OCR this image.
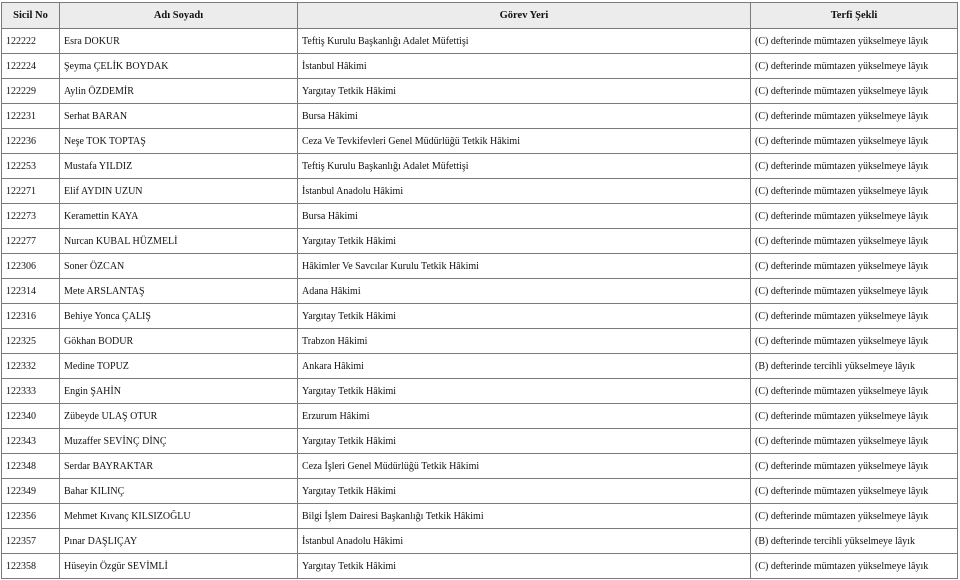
Sicil No	Adı Soyadı	Görev Yeri	Terfi Şekli
122222	Esra DOKUR	Teftiş Kurulu Başkanlığı Adalet Müfettişi	(C) defterinde mümtazen yükselmeye lâyık
122224	Şeyma ÇELİK BOYDAK	İstanbul Hâkimi	(C) defterinde mümtazen yükselmeye lâyık
122229	Aylin ÖZDEMİR	Yargıtay Tetkik Hâkimi	(C) defterinde mümtazen yükselmeye lâyık
122231	Serhat BARAN	Bursa Hâkimi	(C) defterinde mümtazen yükselmeye lâyık
122236	Neşe TOK TOPTAŞ	Ceza Ve Tevkifevleri Genel Müdürlüğü Tetkik Hâkimi	(C) defterinde mümtazen yükselmeye lâyık
122253	Mustafa YILDIZ	Teftiş Kurulu Başkanlığı Adalet Müfettişi	(C) defterinde mümtazen yükselmeye lâyık
122271	Elif AYDIN UZUN	İstanbul Anadolu Hâkimi	(C) defterinde mümtazen yükselmeye lâyık
122273	Keramettin KAYA	Bursa Hâkimi	(C) defterinde mümtazen yükselmeye lâyık
122277	Nurcan KUBAL HÜZMELİ	Yargıtay Tetkik Hâkimi	(C) defterinde mümtazen yükselmeye lâyık
122306	Soner ÖZCAN	Hâkimler Ve Savcılar Kurulu Tetkik Hâkimi	(C) defterinde mümtazen yükselmeye lâyık
122314	Mete ARSLANTAŞ	Adana Hâkimi	(C) defterinde mümtazen yükselmeye lâyık
122316	Behiye Yonca ÇALIŞ	Yargıtay Tetkik Hâkimi	(C) defterinde mümtazen yükselmeye lâyık
122325	Gökhan BODUR	Trabzon Hâkimi	(C) defterinde mümtazen yükselmeye lâyık
122332	Medine TOPUZ	Ankara Hâkimi	(B) defterinde tercihli yükselmeye lâyık
122333	Engin ŞAHİN	Yargıtay Tetkik Hâkimi	(C) defterinde mümtazen yükselmeye lâyık
122340	Zübeyde ULAŞ OTUR	Erzurum Hâkimi	(C) defterinde mümtazen yükselmeye lâyık
122343	Muzaffer SEVİNÇ DİNÇ	Yargıtay Tetkik Hâkimi	(C) defterinde mümtazen yükselmeye lâyık
122348	Serdar BAYRAKTAR	Ceza İşleri Genel Müdürlüğü Tetkik Hâkimi	(C) defterinde mümtazen yükselmeye lâyık
122349	Bahar KILINÇ	Yargıtay Tetkik Hâkimi	(C) defterinde mümtazen yükselmeye lâyık
122356	Mehmet Kıvanç KILSIZOĞLU	Bilgi İşlem Dairesi Başkanlığı Tetkik Hâkimi	(C) defterinde mümtazen yükselmeye lâyık
122357	Pınar DAŞLIÇAY	İstanbul Anadolu Hâkimi	(B) defterinde tercihli yükselmeye lâyık
122358	Hüseyin Özgür SEVİMLİ	Yargıtay Tetkik Hâkimi	(C) defterinde mümtazen yükselmeye lâyık
